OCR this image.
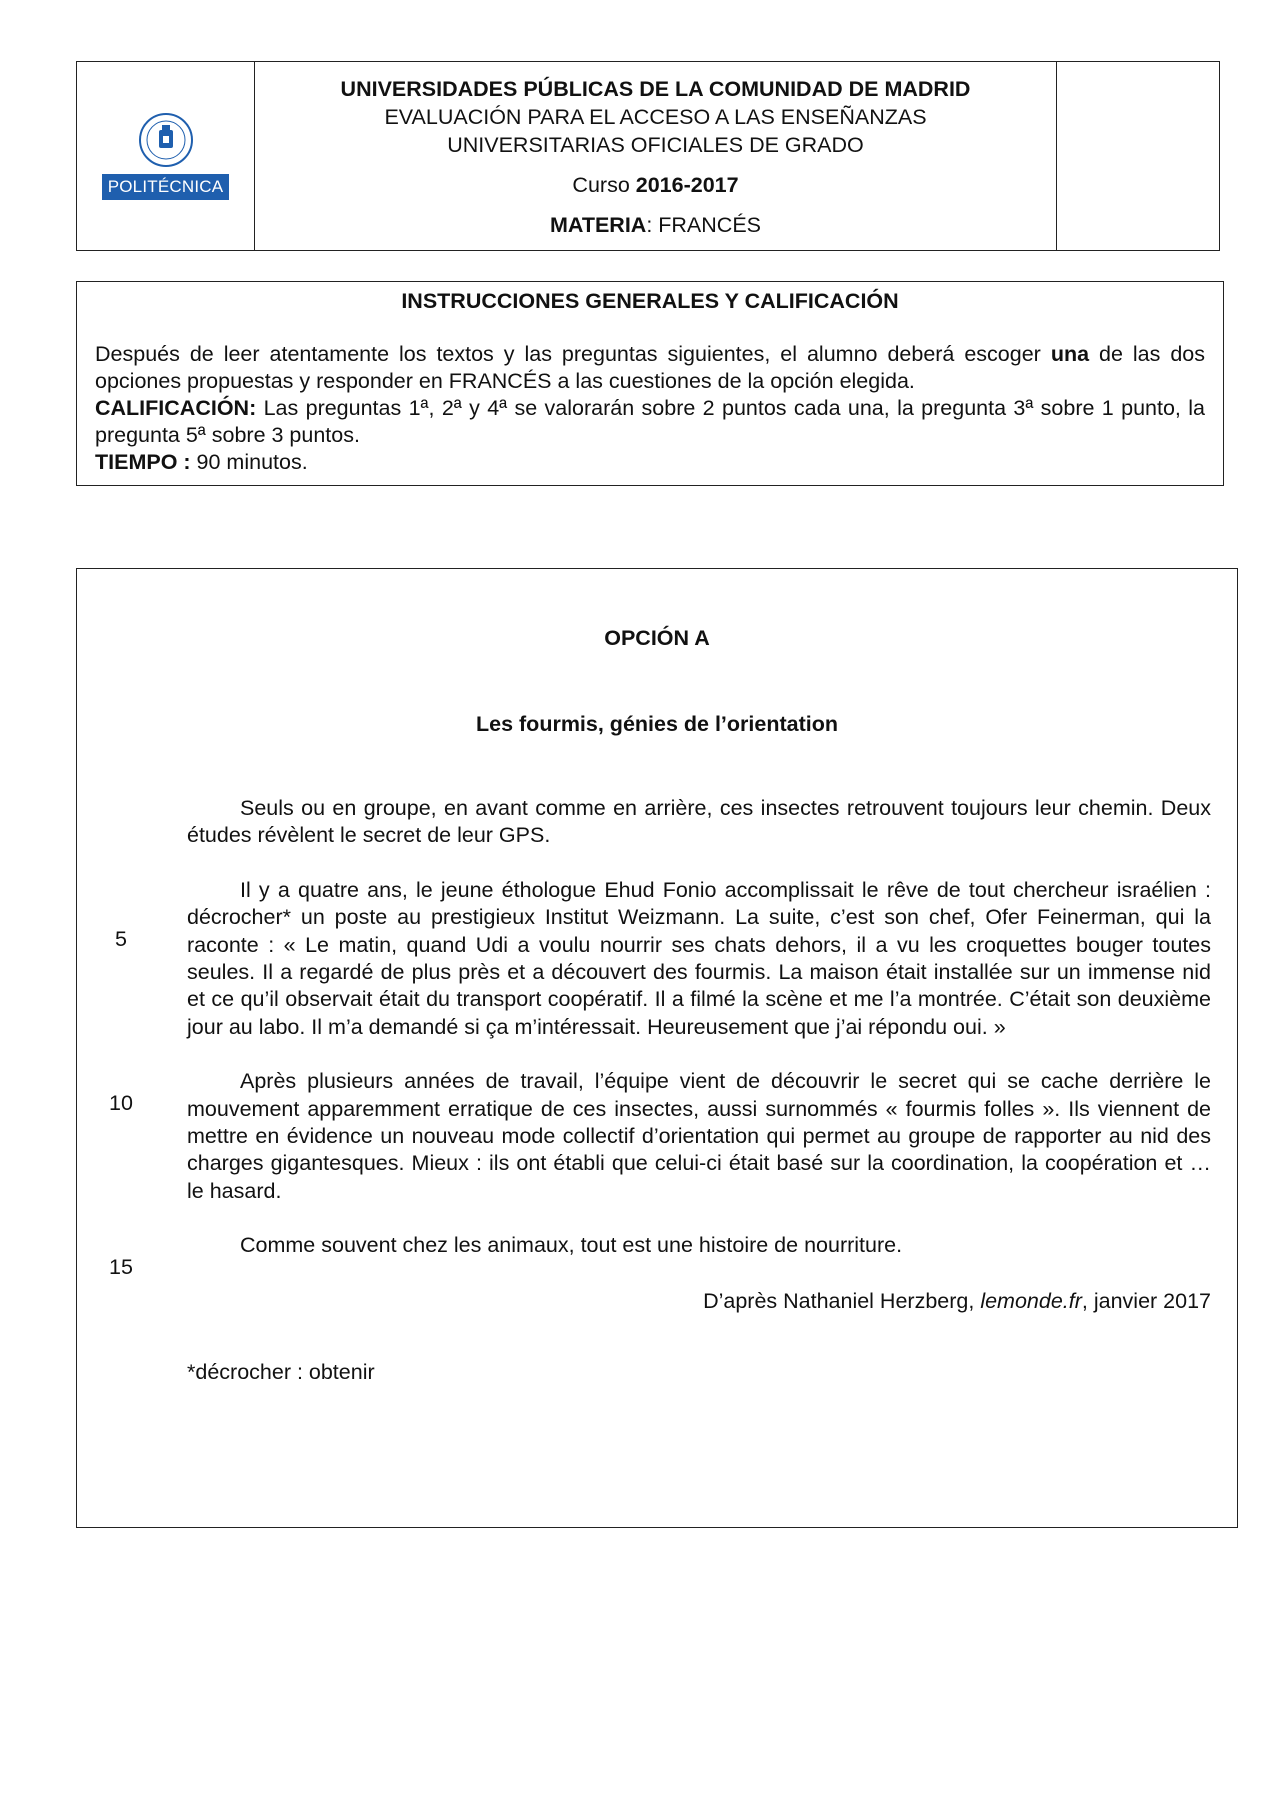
POLITÉCNICA
UNIVERSIDADES PÚBLICAS DE LA COMUNIDAD DE MADRID
EVALUACIÓN PARA EL ACCESO A LAS ENSEÑANZAS
UNIVERSITARIAS OFICIALES DE GRADO
Curso 2016-2017
MATERIA: FRANCÉS
INSTRUCCIONES GENERALES Y CALIFICACIÓN

Después de leer atentamente los textos y las preguntas siguientes, el alumno deberá escoger una de las dos opciones propuestas y responder en FRANCÉS a las cuestiones de la opción elegida.

CALIFICACIÓN: Las preguntas 1ª, 2ª y 4ª se valorarán sobre 2 puntos cada una, la pregunta 3ª sobre 1 punto, la pregunta 5ª sobre 3 puntos.

TIEMPO : 90 minutos.

OPCIÓN A
Les fourmis, génies de l’orientation
5
10
15

Seuls ou en groupe, en avant comme en arrière, ces insectes retrouvent toujours leur chemin. Deux études révèlent le secret de leur GPS.

Il y a quatre ans, le jeune éthologue Ehud Fonio accomplissait le rêve de tout chercheur israélien : décrocher* un poste au prestigieux Institut Weizmann. La suite, c’est son chef, Ofer Feinerman, qui la raconte : « Le matin, quand Udi a voulu nourrir ses chats dehors, il a vu les croquettes bouger toutes seules. Il a regardé de plus près et a découvert des fourmis. La maison était installée sur un immense nid et ce qu’il observait était du transport coopératif. Il a filmé la scène et me l’a montrée. C’était son deuxième jour au labo. Il m’a demandé si ça m’intéressait. Heureusement que j’ai répondu oui. »

Après plusieurs années de travail, l’équipe vient de découvrir le secret qui se cache derrière le mouvement apparemment erratique de ces insectes, aussi surnommés « fourmis folles ». Ils viennent de mettre en évidence un nouveau mode collectif d’orientation qui permet au groupe de rapporter au nid des charges gigantesques. Mieux : ils ont établi que celui-ci était basé sur la coordination, la coopération et … le hasard.

Comme souvent chez les animaux, tout est une histoire de nourriture.

D’après Nathaniel Herzberg, lemonde.fr, janvier 2017
*décrocher : obtenir
